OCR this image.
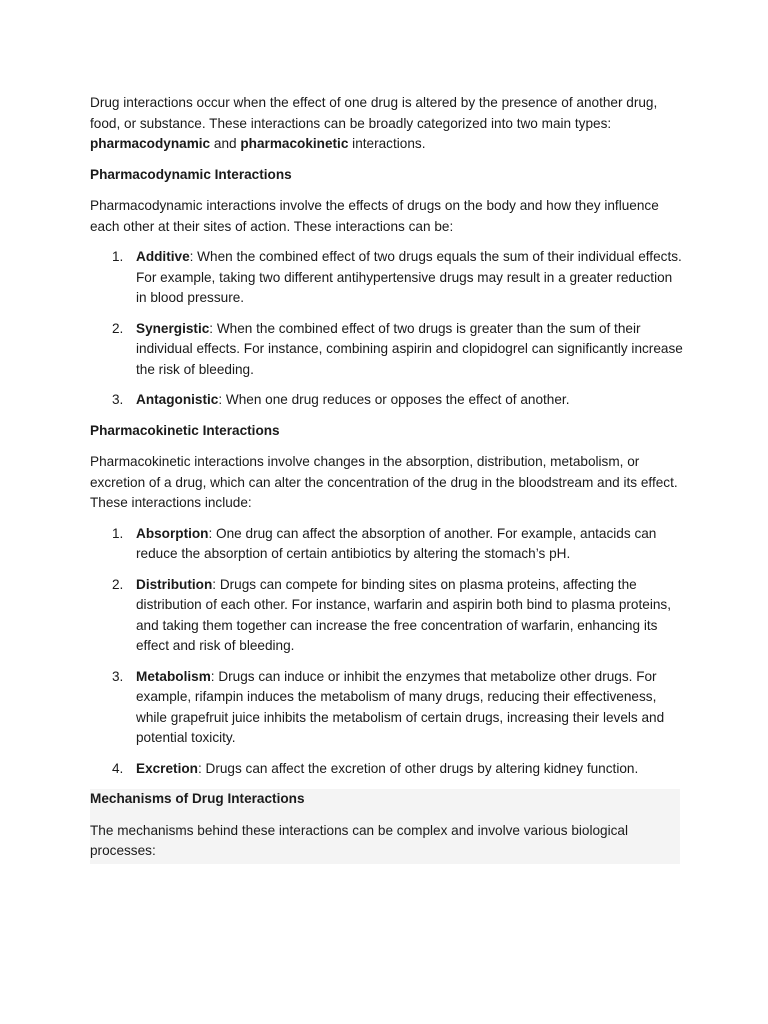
Drug interactions occur when the effect of one drug is altered by the presence of another drug, food, or substance. These interactions can be broadly categorized into two main types: pharmacodynamic and pharmacokinetic interactions.

Pharmacodynamic Interactions

Pharmacodynamic interactions involve the effects of drugs on the body and how they influence each other at their sites of action. These interactions can be:

1. Additive: When the combined effect of two drugs equals the sum of their individual effects. For example, taking two different antihypertensive drugs may result in a greater reduction in blood pressure.
2. Synergistic: When the combined effect of two drugs is greater than the sum of their individual effects. For instance, combining aspirin and clopidogrel can significantly increase the risk of bleeding.
3. Antagonistic: When one drug reduces or opposes the effect of another.

Pharmacokinetic Interactions

Pharmacokinetic interactions involve changes in the absorption, distribution, metabolism, or excretion of a drug, which can alter the concentration of the drug in the bloodstream and its effect. These interactions include:

1. Absorption: One drug can affect the absorption of another. For example, antacids can reduce the absorption of certain antibiotics by altering the stomach’s pH.
2. Distribution: Drugs can compete for binding sites on plasma proteins, affecting the distribution of each other. For instance, warfarin and aspirin both bind to plasma proteins, and taking them together can increase the free concentration of warfarin, enhancing its effect and risk of bleeding.
3. Metabolism: Drugs can induce or inhibit the enzymes that metabolize other drugs. For example, rifampin induces the metabolism of many drugs, reducing their effectiveness, while grapefruit juice inhibits the metabolism of certain drugs, increasing their levels and potential toxicity.
4. Excretion: Drugs can affect the excretion of other drugs by altering kidney function.

Mechanisms of Drug Interactions

The mechanisms behind these interactions can be complex and involve various biological processes:
